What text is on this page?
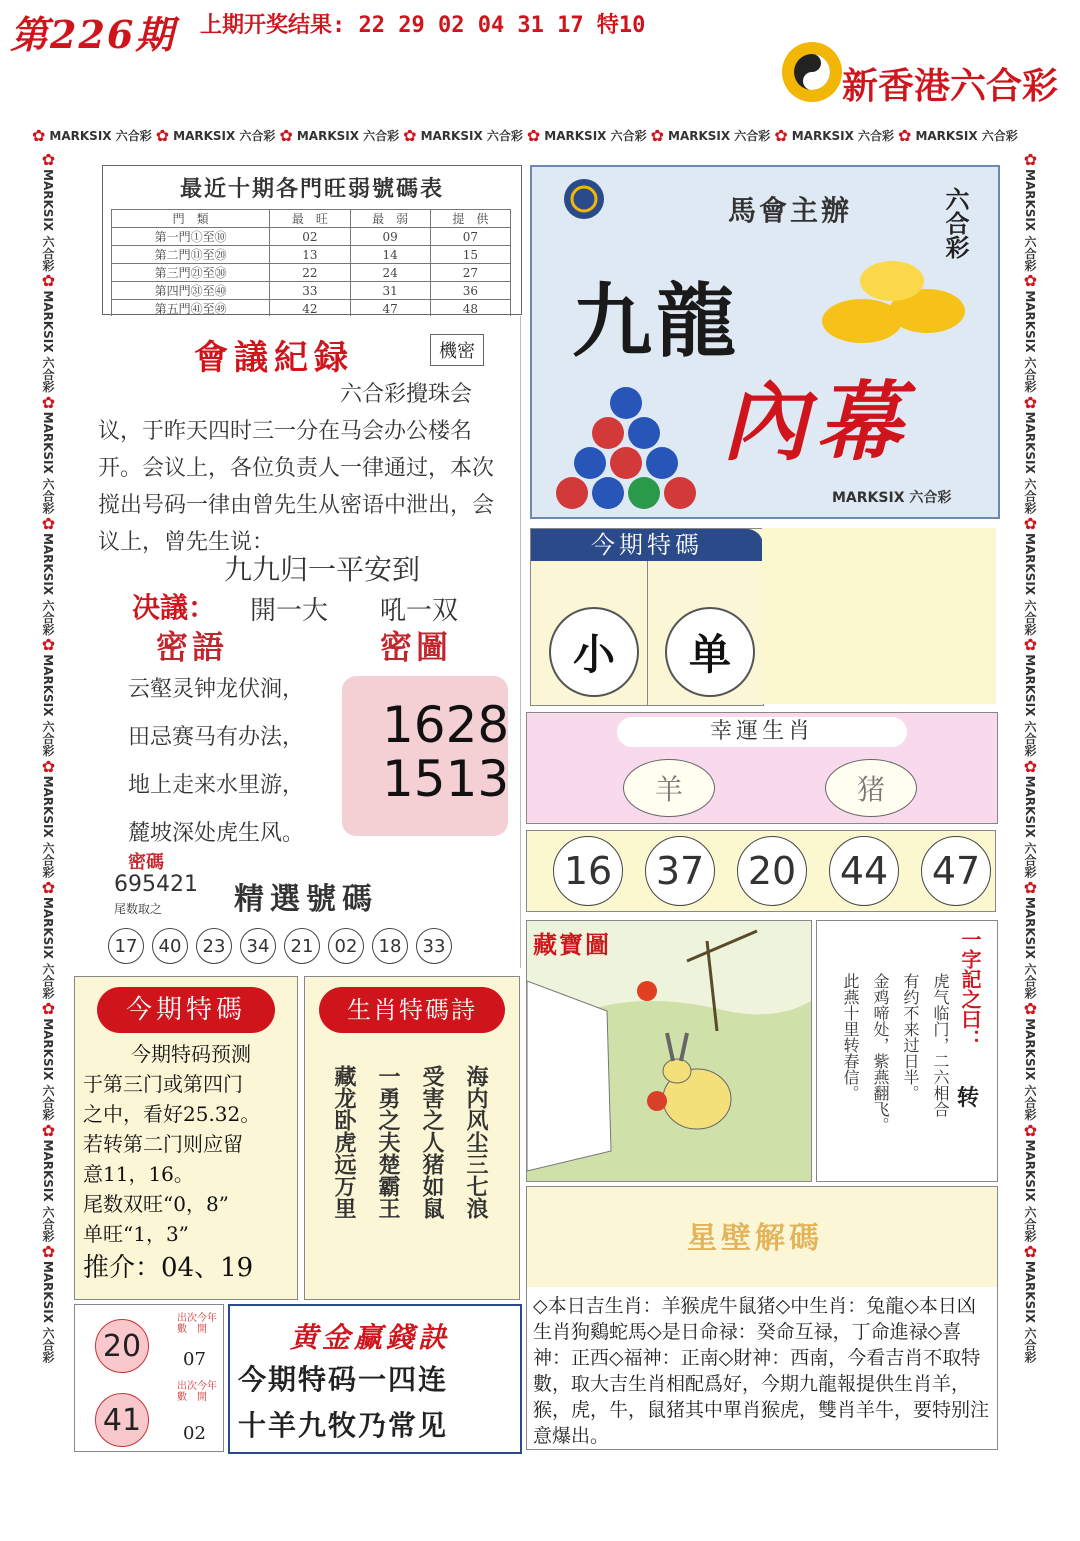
第226期 上期开奖结果: 22 29 02 04 31 17 特10
新香港六合彩
✿ MARKSIX 六合彩 ✿ MARKSIX 六合彩 ✿ MARKSIX 六合彩 ✿ MARKSIX 六合彩 ✿ MARKSIX 六合彩 ✿ MARKSIX 六合彩 ✿ MARKSIX 六合彩 ✿ MARKSIX 六合彩
✿MARKSIX 六合彩✿MARKSIX 六合彩✿MARKSIX 六合彩✿MARKSIX 六合彩✿MARKSIX 六合彩✿MARKSIX 六合彩✿MARKSIX 六合彩✿MARKSIX 六合彩✿MARKSIX 六合彩✿MARKSIX 六合彩
✿MARKSIX 六合彩✿MARKSIX 六合彩✿MARKSIX 六合彩✿MARKSIX 六合彩✿MARKSIX 六合彩✿MARKSIX 六合彩✿MARKSIX 六合彩✿MARKSIX 六合彩✿MARKSIX 六合彩✿MARKSIX 六合彩
最近十期各門旺弱號碼表
門　類	最　旺	最　弱	提　供
第一門①至⑩	02	09	07
第二門⑪至⑳	13	14	15
第三門㉑至㉚	22	24	27
第四門㉛至㊵	33	31	36
第五門㊶至㊾	42	47	48
會議紀録	機密
六合彩攪珠会议，于昨天四时三一分在马会办公楼名开。会议上，各位负责人一律通过，本次搅出号码一律由曾先生从密语中泄出，会议上，曾先生说：
九九归一平安到
决議： 開一大 吼一双
密語	密圖
云壑灵钟龙伏涧，
田忌赛马有办法，
地上走来水里游，
麓坡深处虎生风。
1628
1513
密碼
695421
尾数取之 精選號碼
17	40	23	34	21	02	18	33
馬會主辦	六合彩
九龍
內幕
MARKSIX 六合彩
今期特碼
小	单
幸運生肖
羊	猪
16 37 20 44 47
藏寶圖	一字記之曰：
转
虎气临门，二六相合
有约不来过日半。
金鸡啼处，紫燕翻飞。
此燕十里转春信。
星壁解碼
◇本日吉生肖：羊猴虎牛鼠猪◇中生肖：兔龍◇本日凶生肖狗鷄蛇馬◇是日命禄：癸命互禄，丁命進禄◇喜神：正西◇福神：正南◇財神：西南，今看吉肖不取特數，取大吉生肖相配爲好，今期九龍報提供生肖羊，猴，虎，牛，鼠猪其中單肖猴虎，雙肖羊牛，要特别注意爆出。
今期特碼
今期特码预测
于第三门或第四门
之中，看好25.32。
若转第二门则应留
意11，16。
尾数双旺“0，8”
单旺“1，3”
推介：04、19
生肖特碼詩
海内风尘三七浪
受害之人猪如鼠
一勇之夫楚霸王
藏龙卧虎远万里
20
出次數
今年開
07
41
出次數
今年開
02
黄金赢錢訣
今期特码一四连
十羊九牧乃常见
